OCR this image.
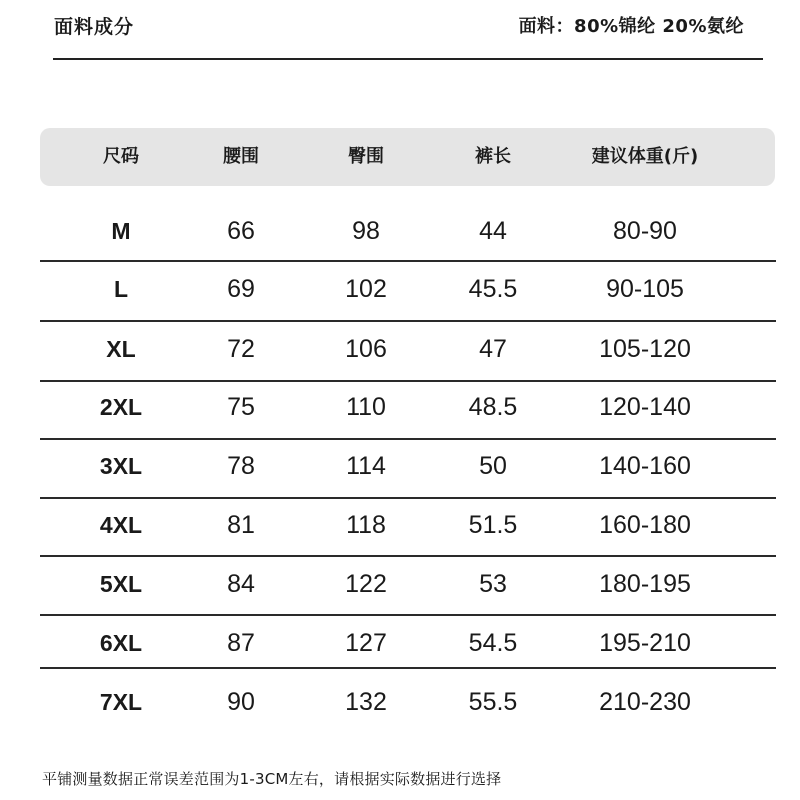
面料成分	面料：80%锦纶 20%氨纶
尺码	腰围	臀围	裤长	建议体重(斤)
M	66	98	44	80-90
L	69	102	45.5	90-105
XL	72	106	47	105-120
2XL	75	110	48.5	120-140
3XL	78	114	50	140-160
4XL	81	118	51.5	160-180
5XL	84	122	53	180-195
6XL	87	127	54.5	195-210
7XL	90	132	55.5	210-230
平铺测量数据正常误差范围为1-3CM左右，请根据实际数据进行选择
